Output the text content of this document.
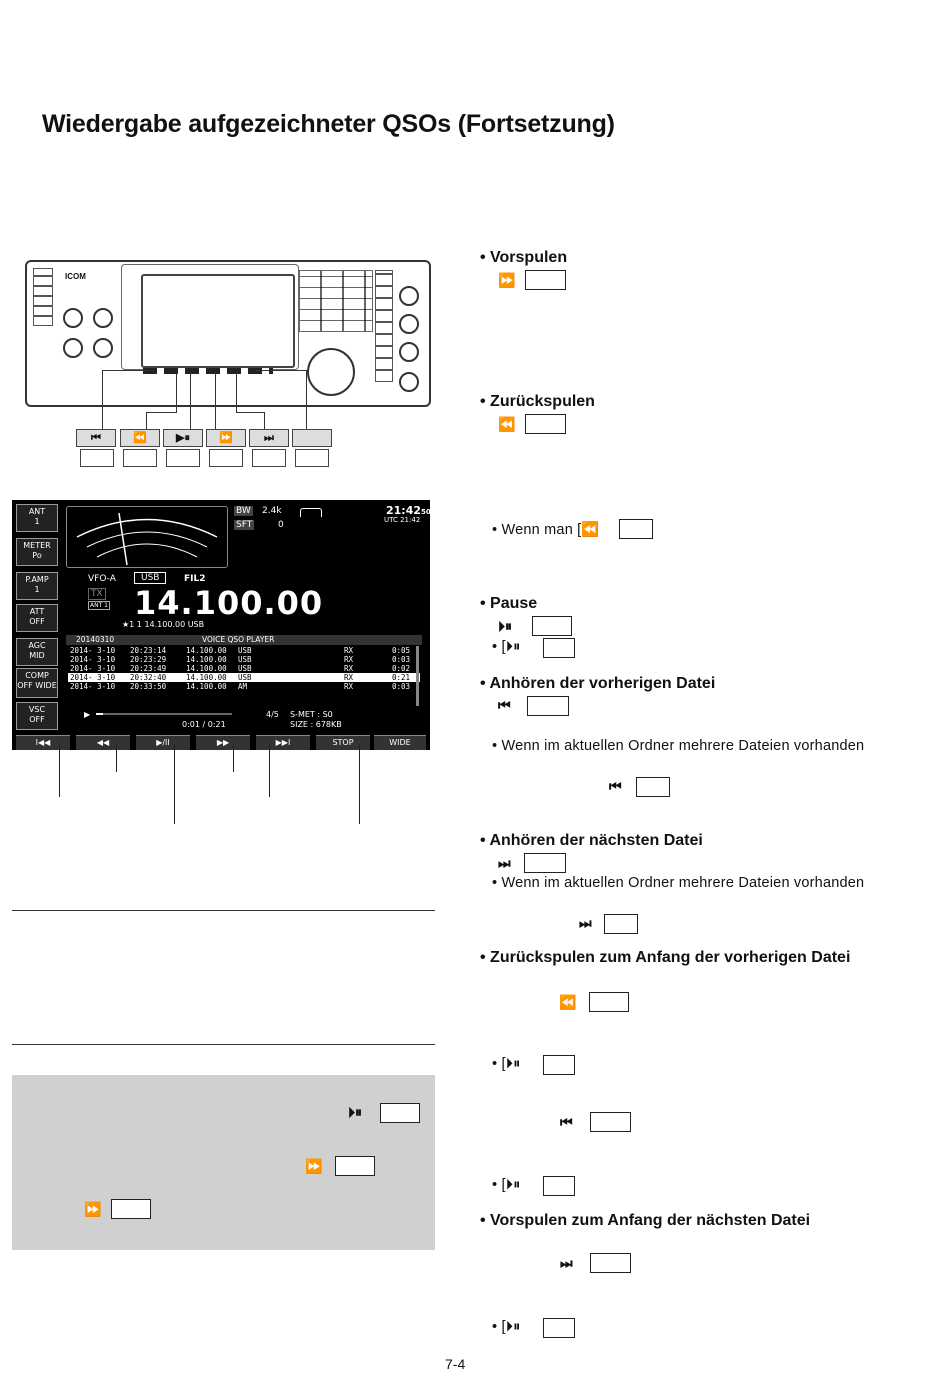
Wiedergabe aufgezeichneter QSOs (Fortsetzung)
ICOM
⏮	⏪	▶⏸	⏩	⏭
ANT
1
METER
Po
P.AMP
1
ATT
OFF
AGC
MID
COMP
OFF WIDE
VSC
OFF
BW 2.4k
SFT	0
21:4250
UTC 21:42
VFO-A	USB	FIL2
TX
ANT 1 14.100.00
★1 1 14.100.00 USB
20140310	VOICE QSO PLAYER
2014- 3-10 20:23:14	14.100.00 USB	RX	0:05
2014- 3-10 20:23:29	14.100.00 USB	RX	0:03
2014- 3-10 20:23:49	14.100.00 USB	RX	0:02
2014- 3-10 20:32:40	14.100.00 USB	RX	0:21
2014- 3-10 20:33:50	14.100.00 AM	RX	0:03
▶
0:01 / 0:21
4/5 S-MET : S0
SIZE : 678KB
I◀◀	◀◀	▶/II	▶▶	▶▶I	STOP	WIDE
⏵⏸
⏩
⏩
• Vorspulen
⏩
• Zurückspulen
⏪
• Wenn man [⏪
• Pause
⏵⏸
• [⏵⏸
• Anhören der vorherigen Datei
⏮
• Wenn im aktuellen Ordner mehrere Dateien vorhanden
⏮
• Anhören der nächsten Datei
⏭
• Wenn im aktuellen Ordner mehrere Dateien vorhanden
⏭
• Zurückspulen zum Anfang der vorherigen Datei
⏪
• [⏵⏸
⏮
• [⏵⏸
• Vorspulen zum Anfang der nächsten Datei
⏭
• [⏵⏸
7-4
